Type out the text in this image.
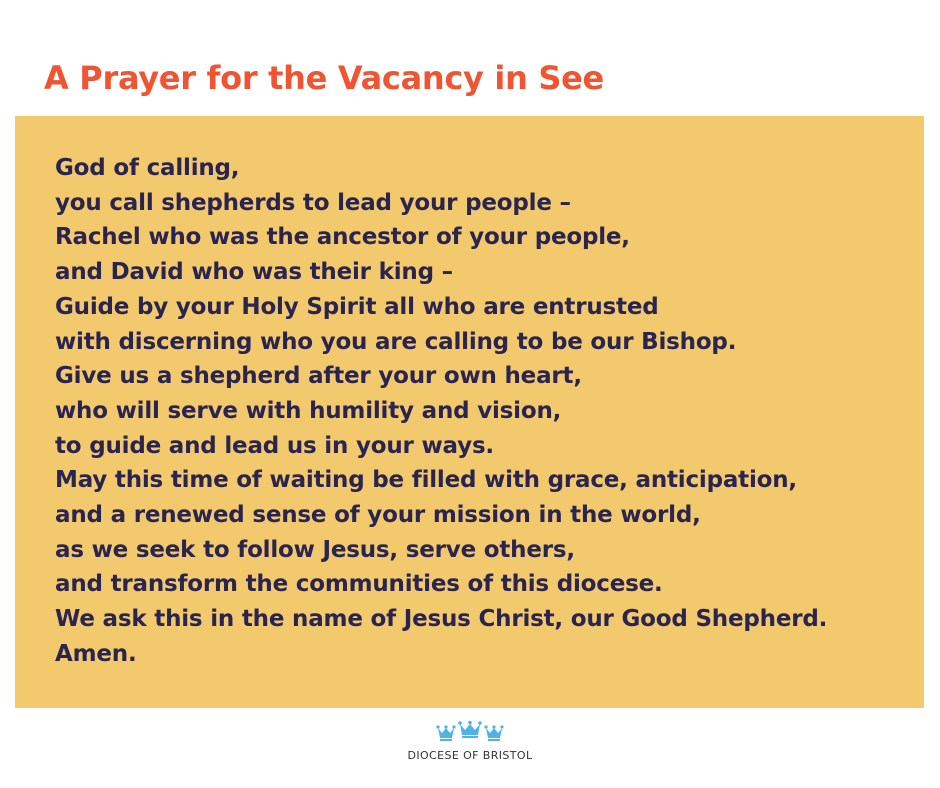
A Prayer for the Vacancy in See
God of calling,
you call shepherds to lead your people –
Rachel who was the ancestor of your people,
and David who was their king –
Guide by your Holy Spirit all who are entrusted
with discerning who you are calling to be our Bishop.
Give us a shepherd after your own heart,
who will serve with humility and vision,
to guide and lead us in your ways.
May this time of waiting be filled with grace, anticipation,
and a renewed sense of your mission in the world,
as we seek to follow Jesus, serve others,
and transform the communities of this diocese.
We ask this in the name of Jesus Christ, our Good Shepherd.
Amen.
DIOCESE OF BRISTOL
